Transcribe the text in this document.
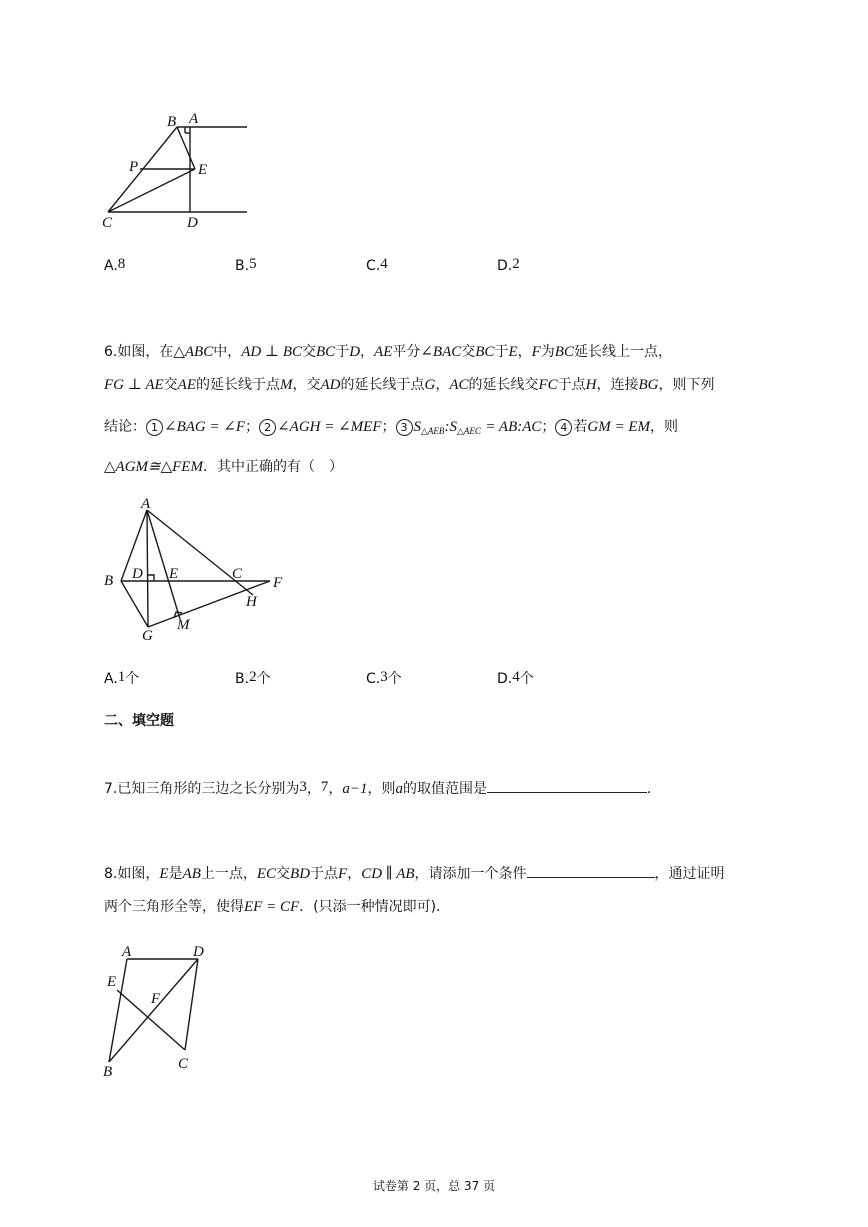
B A
P	E
C	D
A.8	B.5	C.4	D.2
6.如图，在△ABC中，AD ⊥ BC交BC于D，AE平分∠BAC交BC于E，F为BC延长线上一点，
FG ⊥ AE交AE的延长线于点M，交AD的延长线于点G，AC的延长线交FC于点H，连接BG，则下列
结论： 1 ∠BAG = ∠F； 2 ∠AGH = ∠MEF； 3 $S_{\triangle AEB}:S_{\triangle AEC}$ = AB:AC； 4 若GM = EM，则
△AGM≅△FEM．其中正确的有（　）
A
B D E	C
F
H
G
M
A.1个	B.2个	C.3个	D.4个
二、填空题
7.已知三角形的三边之长分别为3，7，a−1，则a的取值范围是	．
8.如图，E是AB上一点，EC交BD于点F，CD ∥ AB，请添加一个条件	，通过证明
两个三角形全等，使得EF = CF．(只添一种情况即可)．
A	D
E
F
B	C
试卷第 2 页，总 37 页
